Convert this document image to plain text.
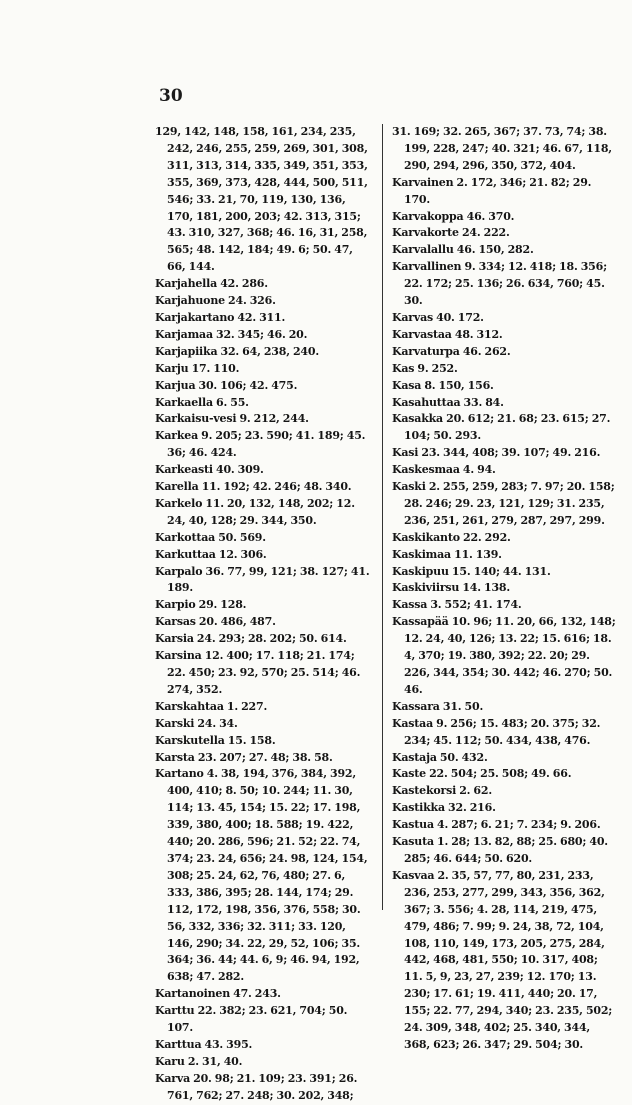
30

129, 142, 148, 158, 161, 234, 235, 242, 246, 255, 259, 269, 301, 308, 311, 313, 314, 335, 349, 351, 353, 355, 369, 373, 428, 444, 500, 511, 546; 33. 21, 70, 119, 130, 136, 170, 181, 200, 203; 42. 313, 315; 43. 310, 327, 368; 46. 16, 31, 258, 565; 48. 142, 184; 49. 6; 50. 47, 66, 144.

Karjahella 42. 286.

Karjahuone 24. 326.

Karjakartano 42. 311.

Karjamaa 32. 345; 46. 20.

Karjapiika 32. 64, 238, 240.

Karju 17. 110.

Karjua 30. 106; 42. 475.

Karkaella 6. 55.

Karkaisu-vesi 9. 212, 244.

Karkea 9. 205; 23. 590; 41. 189; 45. 36; 46. 424.

Karkeasti 40. 309.

Karella 11. 192; 42. 246; 48. 340.

Karkelo 11. 20, 132, 148, 202; 12. 24, 40, 128; 29. 344, 350.

Karkottaa 50. 569.

Karkuttaa 12. 306.

Karpalo 36. 77, 99, 121; 38. 127; 41. 189.

Karpio 29. 128.

Karsas 20. 486, 487.

Karsia 24. 293; 28. 202; 50. 614.

Karsina 12. 400; 17. 118; 21. 174; 22. 450; 23. 92, 570; 25. 514; 46. 274, 352.

Karskahtaa 1. 227.

Karski 24. 34.

Karskutella 15. 158.

Karsta 23. 207; 27. 48; 38. 58.

Kartano 4. 38, 194, 376, 384, 392, 400, 410; 8. 50; 10. 244; 11. 30, 114; 13. 45, 154; 15. 22; 17. 198, 339, 380, 400; 18. 588; 19. 422, 440; 20. 286, 596; 21. 52; 22. 74, 374; 23. 24, 656; 24. 98, 124, 154, 308; 25. 24, 62, 76, 480; 27. 6, 333, 386, 395; 28. 144, 174; 29. 112, 172, 198, 356, 376, 558; 30. 56, 332, 336; 32. 311; 33. 120, 146, 290; 34. 22, 29, 52, 106; 35. 364; 36. 44; 44. 6, 9; 46. 94, 192, 638; 47. 282.

Kartanoinen 47. 243.

Karttu 22. 382; 23. 621, 704; 50. 107.

Karttua 43. 395.

Karu 2. 31, 40.

Karva 20. 98; 21. 109; 23. 391; 26. 761, 762; 27. 248; 30. 202, 348;

31. 169; 32. 265, 367; 37. 73, 74; 38. 199, 228, 247; 40. 321; 46. 67, 118, 290, 294, 296, 350, 372, 404.

Karvainen 2. 172, 346; 21. 82; 29. 170.

Karvakoppa 46. 370.

Karvakorte 24. 222.

Karvalallu 46. 150, 282.

Karvallinen 9. 334; 12. 418; 18. 356; 22. 172; 25. 136; 26. 634, 760; 45. 30.

Karvas 40. 172.

Karvastaa 48. 312.

Karvaturpa 46. 262.

Kas 9. 252.

Kasa 8. 150, 156.

Kasahuttaa 33. 84.

Kasakka 20. 612; 21. 68; 23. 615; 27. 104; 50. 293.

Kasi 23. 344, 408; 39. 107; 49. 216.

Kaskesmaa 4. 94.

Kaski 2. 255, 259, 283; 7. 97; 20. 158; 28. 246; 29. 23, 121, 129; 31. 235, 236, 251, 261, 279, 287, 297, 299.

Kaskikanto 22. 292.

Kaskimaa 11. 139.

Kaskipuu 15. 140; 44. 131.

Kaskiviirsu 14. 138.

Kassa 3. 552; 41. 174.

Kassapää 10. 96; 11. 20, 66, 132, 148; 12. 24, 40, 126; 13. 22; 15. 616; 18. 4, 370; 19. 380, 392; 22. 20; 29. 226, 344, 354; 30. 442; 46. 270; 50. 46.

Kassara 31. 50.

Kastaa 9. 256; 15. 483; 20. 375; 32. 234; 45. 112; 50. 434, 438, 476.

Kastaja 50. 432.

Kaste 22. 504; 25. 508; 49. 66.

Kastekorsi 2. 62.

Kastikka 32. 216.

Kastua 4. 287; 6. 21; 7. 234; 9. 206.

Kasuta 1. 28; 13. 82, 88; 25. 680; 40. 285; 46. 644; 50. 620.

Kasvaa 2. 35, 57, 77, 80, 231, 233, 236, 253, 277, 299, 343, 356, 362, 367; 3. 556; 4. 28, 114, 219, 475, 479, 486; 7. 99; 9. 24, 38, 72, 104, 108, 110, 149, 173, 205, 275, 284, 442, 468, 481, 550; 10. 317, 408; 11. 5, 9, 23, 27, 239; 12. 170; 13. 230; 17. 61; 19. 411, 440; 20. 17, 155; 22. 77, 294, 340; 23. 235, 502; 24. 309, 348, 402; 25. 340, 344, 368, 623; 26. 347; 29. 504; 30.
